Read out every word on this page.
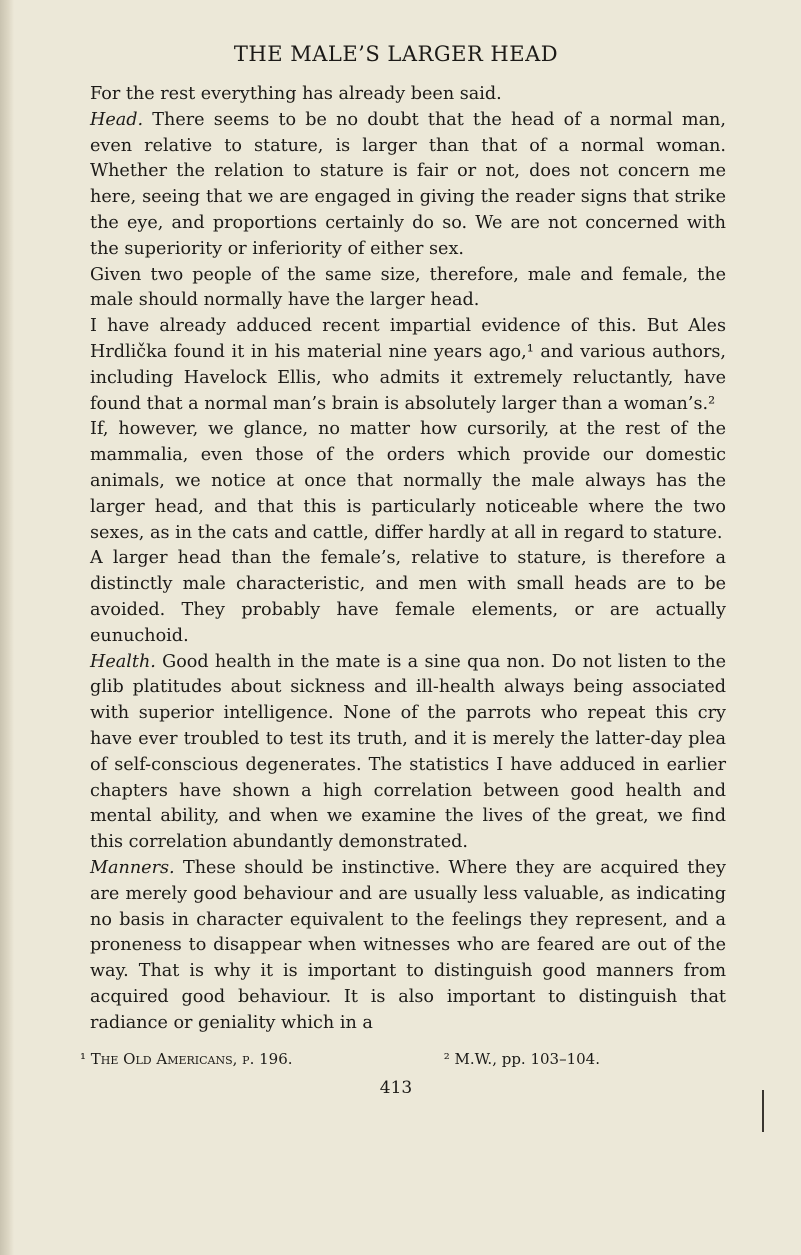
THE MALE’S LARGER HEAD

For the rest everything has already been said.

Head. There seems to be no doubt that the head of a normal man, even relative to stature, is larger than that of a normal woman. Whether the relation to stature is fair or not, does not concern me here, seeing that we are engaged in giving the reader signs that strike the eye, and proportions certainly do so. We are not concerned with the superiority or inferiority of either sex.

Given two people of the same size, therefore, male and female, the male should normally have the larger head.

I have already adduced recent impartial evidence of this. But Ales Hrdlička found it in his material nine years ago,¹ and various authors, including Havelock Ellis, who admits it extremely reluctantly, have found that a normal man’s brain is absolutely larger than a woman’s.²

If, however, we glance, no matter how cursorily, at the rest of the mammalia, even those of the orders which provide our domestic animals, we notice at once that normally the male always has the larger head, and that this is particularly noticeable where the two sexes, as in the cats and cattle, differ hardly at all in regard to stature.

A larger head than the female’s, relative to stature, is therefore a distinctly male characteristic, and men with small heads are to be avoided. They probably have female elements, or are actually eunuchoid.

Health. Good health in the mate is a sine qua non. Do not listen to the glib platitudes about sickness and ill-health always being associated with superior intelligence. None of the parrots who repeat this cry have ever troubled to test its truth, and it is merely the latter-day plea of self-conscious degenerates. The statistics I have adduced in earlier chapters have shown a high correlation between good health and mental ability, and when we examine the lives of the great, we find this correlation abundantly demonstrated.

Manners. These should be instinctive. Where they are acquired they are merely good behaviour and are usually less valuable, as indicating no basis in character equivalent to the feelings they represent, and a proneness to disappear when witnesses who are feared are out of the way. That is why it is important to distinguish good manners from acquired good behaviour. It is also important to distinguish that radiance or geniality which in a

¹ The Old Americans, p. 196.	² M.W., pp. 103–104.
413
